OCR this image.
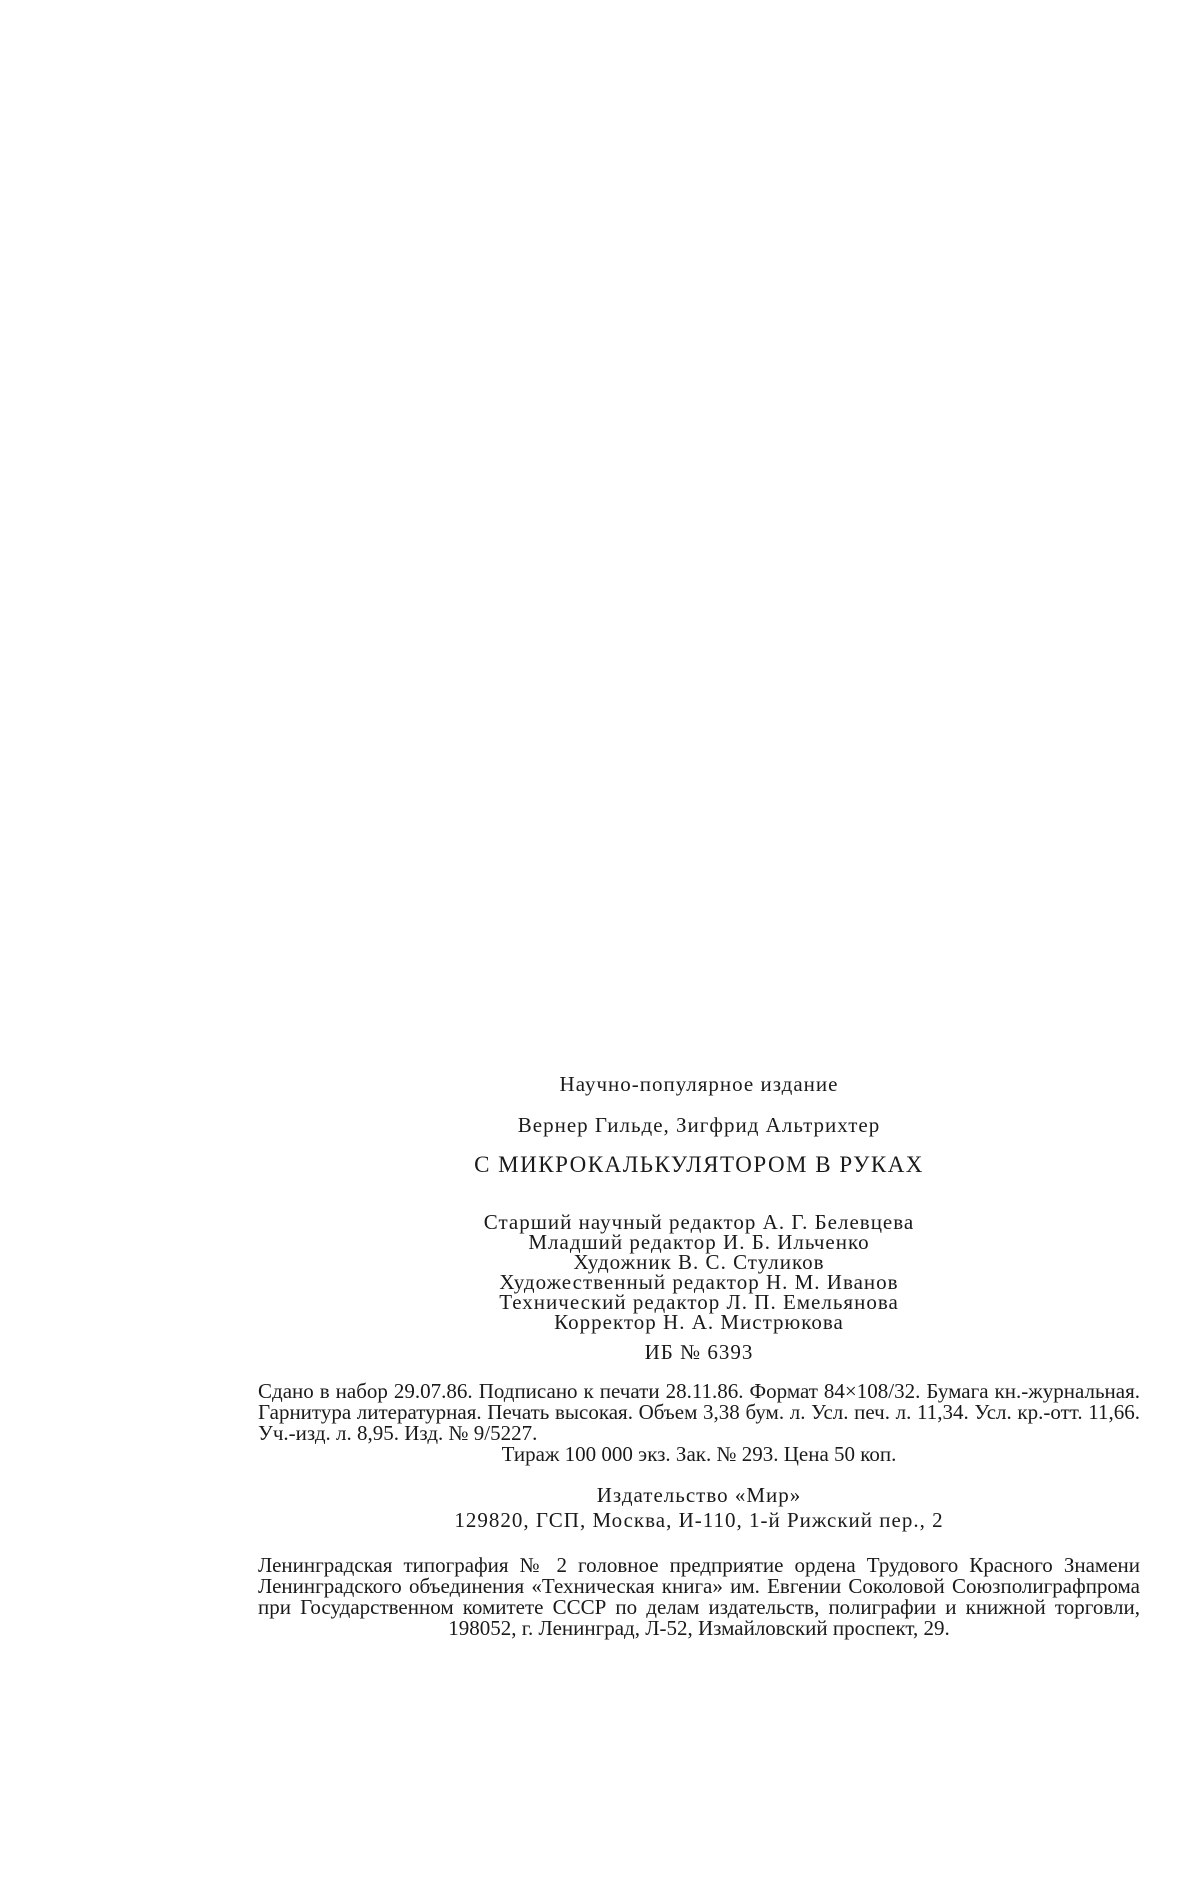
Научно-популярное издание

Вернер Гильде, Зигфрид Альтрихтер

С МИКРОКАЛЬКУЛЯТОРОМ В РУКАХ

Старший научный редактор А. Г. Белевцева
Младший редактор И. Б. Ильченко
Художник В. С. Стуликов
Художественный редактор Н. М. Иванов
Технический редактор Л. П. Емельянова
Корректор Н. А. Мистрюкова

ИБ № 6393

Сдано в набор 29.07.86. Подписано к печати 28.11.86. Формат 84×108/32. Бумага кн.-журнальная. Гарнитура литературная. Печать высокая. Объем 3,38 бум. л. Усл. печ. л. 11,34. Усл. кр.-отт. 11,66. Уч.-изд. л. 8,95. Изд. № 9/5227.
Тираж 100 000 экз. Зак. № 293. Цена 50 коп.

Издательство «Мир»

129820, ГСП, Москва, И-110, 1-й Рижский пер., 2

Ленинградская типография № 2 головное предприятие ордена Трудового Красного Знамени Ленинградского объединения «Техническая книга» им. Евгении Соколовой Союзполиграфпрома при Государственном комитете СССР по делам издательств, полиграфии и книжной торговли, 198052, г. Ленинград, Л-52, Измайловский проспект, 29.
